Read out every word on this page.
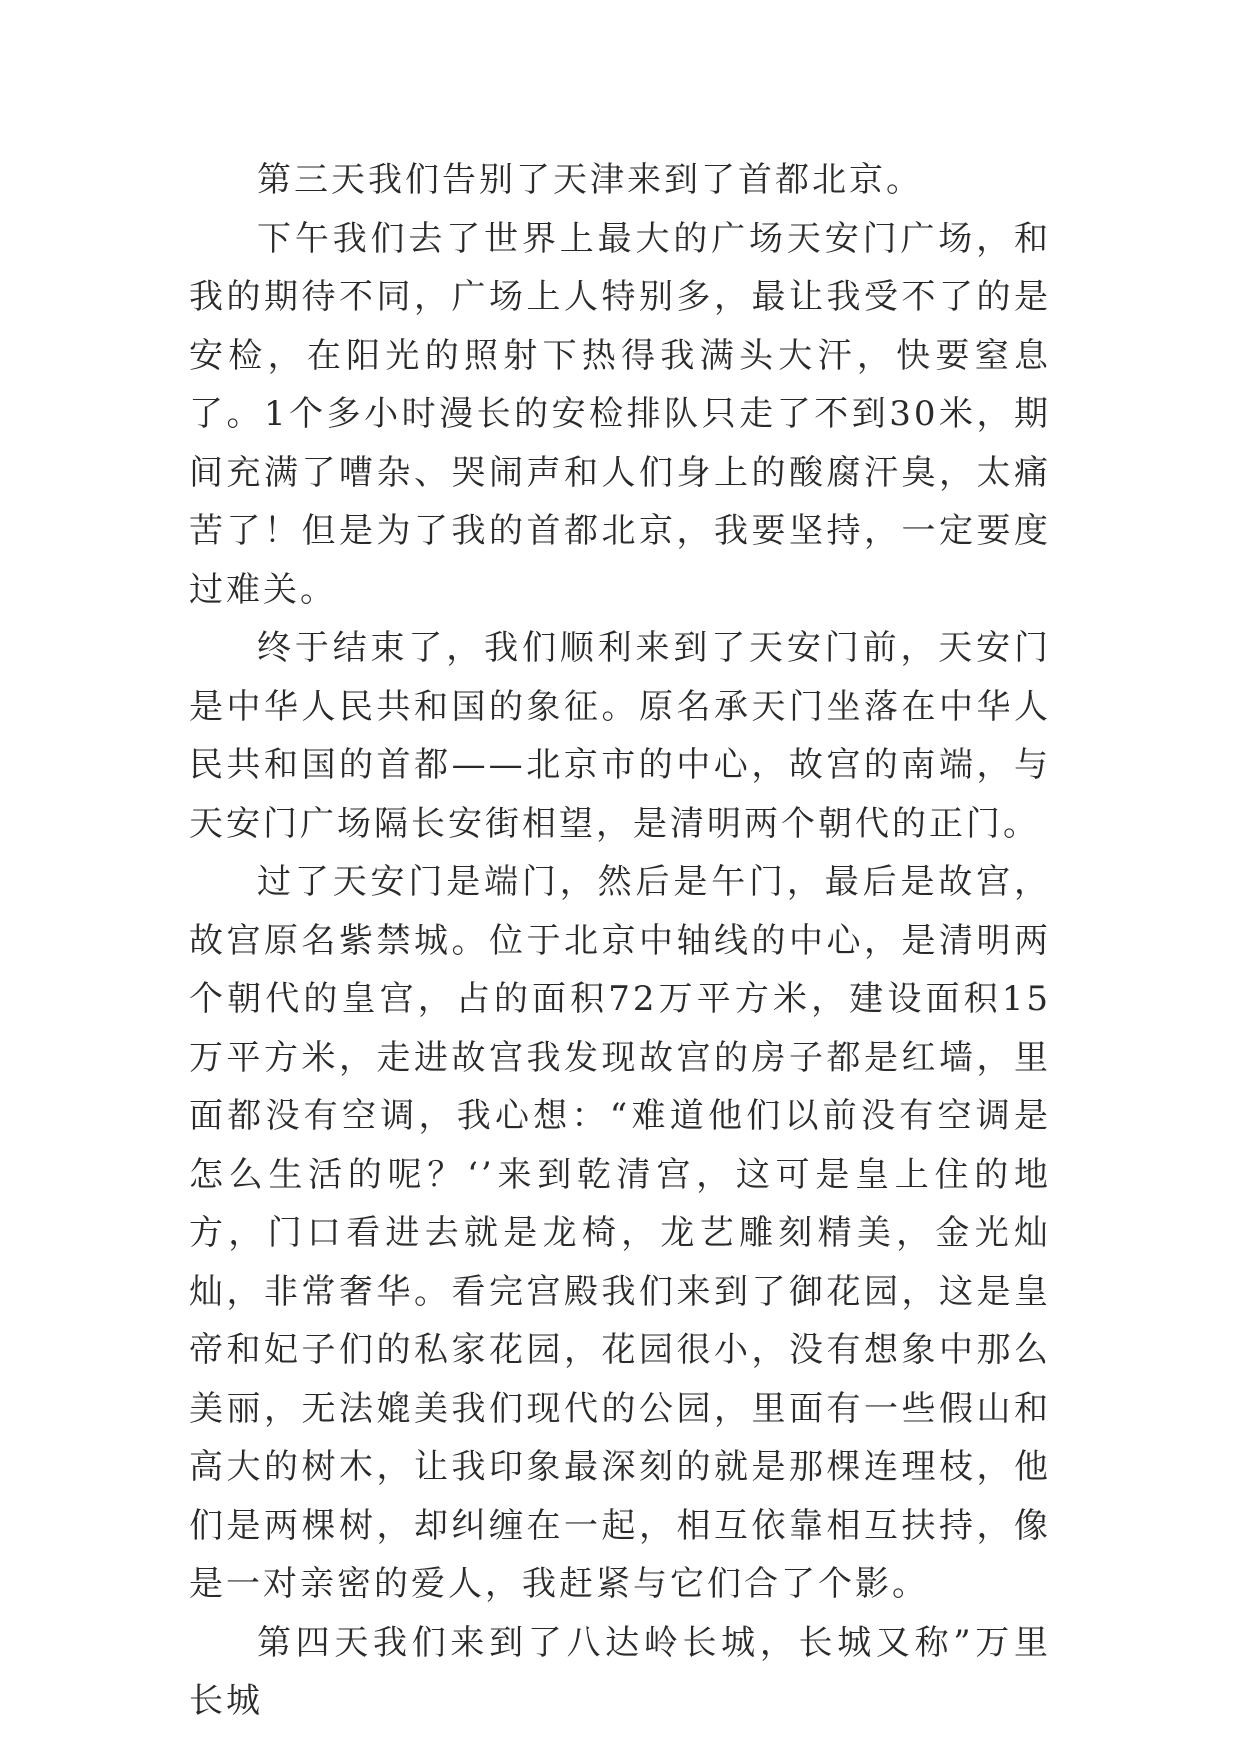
第三天我们告别了天津来到了首都北京。

下午我们去了世界上最大的广场天安门广场，和我的期待不同，广场上人特别多，最让我受不了的是安检，在阳光的照射下热得我满头大汗，快要窒息了。1个多小时漫长的安检排队只走了不到30米，期间充满了嘈杂、哭闹声和人们身上的酸腐汗臭，太痛苦了！但是为了我的首都北京，我要坚持，一定要度过难关。

终于结束了，我们顺利来到了天安门前，天安门是中华人民共和国的象征。原名承天门坐落在中华人民共和国的首都——北京市的中心，故宫的南端，与天安门广场隔长安街相望，是清明两个朝代的正门。

过了天安门是端门，然后是午门，最后是故宫，故宫原名紫禁城。位于北京中轴线的中心，是清明两个朝代的皇宫，占的面积72万平方米，建设面积15万平方米，走进故宫我发现故宫的房子都是红墙，里面都没有空调，我心想：“难道他们以前没有空调是怎么生活的呢？‘’来到乾清宫，这可是皇上住的地方，门口看进去就是龙椅，龙艺雕刻精美，金光灿灿，非常奢华。看完宫殿我们来到了御花园，这是皇帝和妃子们的私家花园，花园很小，没有想象中那么美丽，无法媲美我们现代的公园，里面有一些假山和高大的树木，让我印象最深刻的就是那棵连理枝，他们是两棵树，却纠缠在一起，相互依靠相互扶持，像是一对亲密的爱人，我赶紧与它们合了个影。

第四天我们来到了八达岭长城，长城又称”万里长城
